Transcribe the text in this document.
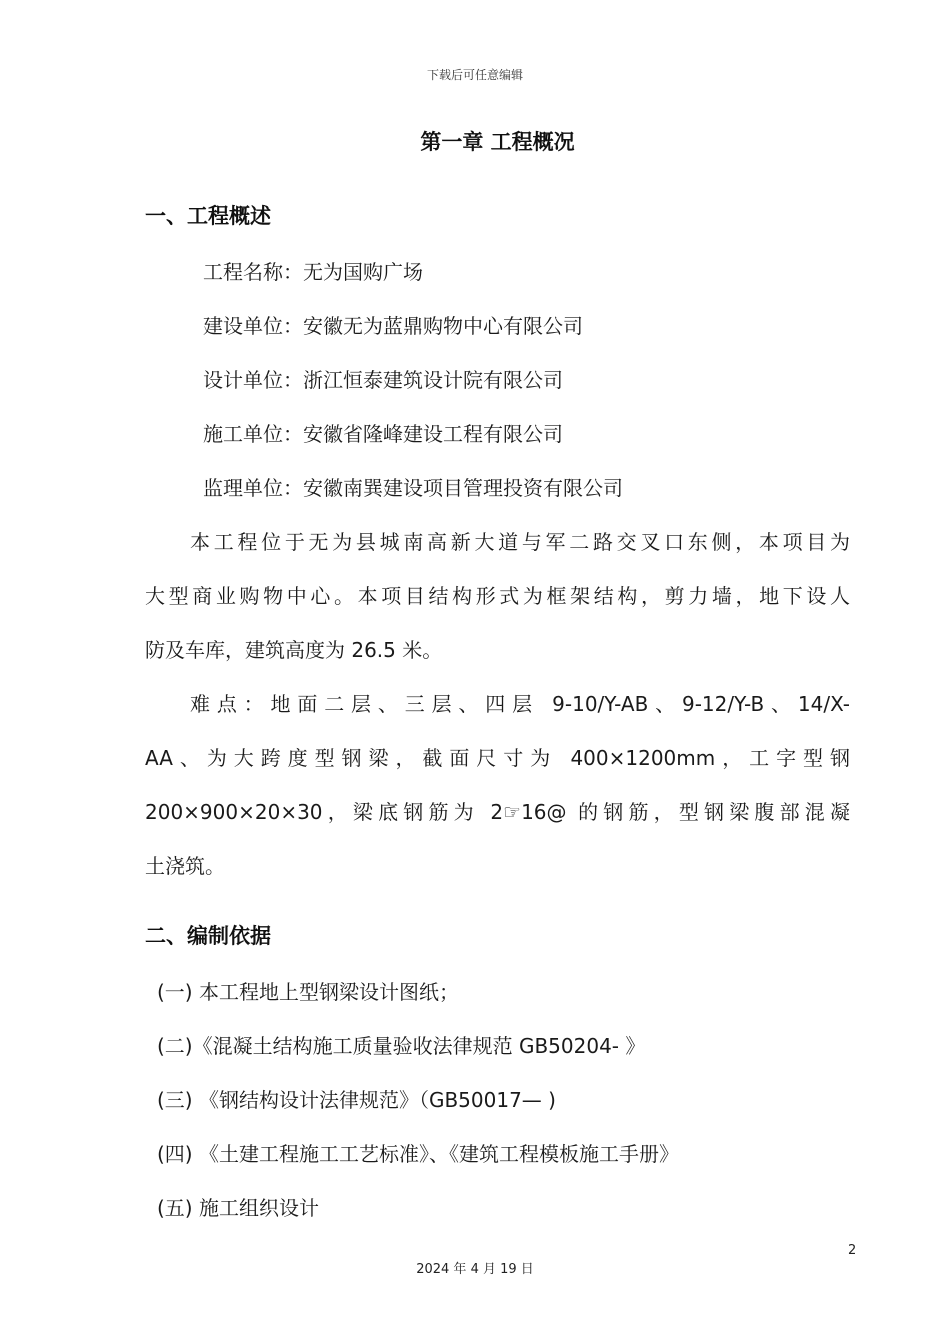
下载后可任意编辑
第一章 工程概况
一、工程概述
工程名称：无为国购广场
建设单位：安徽无为蓝鼎购物中心有限公司
设计单位：浙江恒泰建筑设计院有限公司
施工单位：安徽省隆峰建设工程有限公司
监理单位：安徽南巽建设项目管理投资有限公司
本工程位于无为县城南高新大道与军二路交叉口东侧，本项目为
大型商业购物中心。本项目结构形式为框架结构，剪力墙，地下设人
防及车库，建筑高度为 26.5 米。
难点：地面二层、三层、四层 9-10/Y-AB、9-12/Y-B、14/X-
AA、为大跨度型钢梁，截面尺寸为 400×1200mm，工字型钢
200×900×20×30，梁底钢筋为 2☞16@ 的钢筋，型钢梁腹部混凝
土浇筑。
二、编制依据
(一) 本工程地上型钢梁设计图纸；
(二)《混凝土结构施工质量验收法律规范 GB50204- 》
(三) 《钢结构设计法律规范》（GB50017— )
(四) 《土建工程施工工艺标准》、《建筑工程模板施工手册》
(五) 施工组织设计
2
2024 年 4 月 19 日
